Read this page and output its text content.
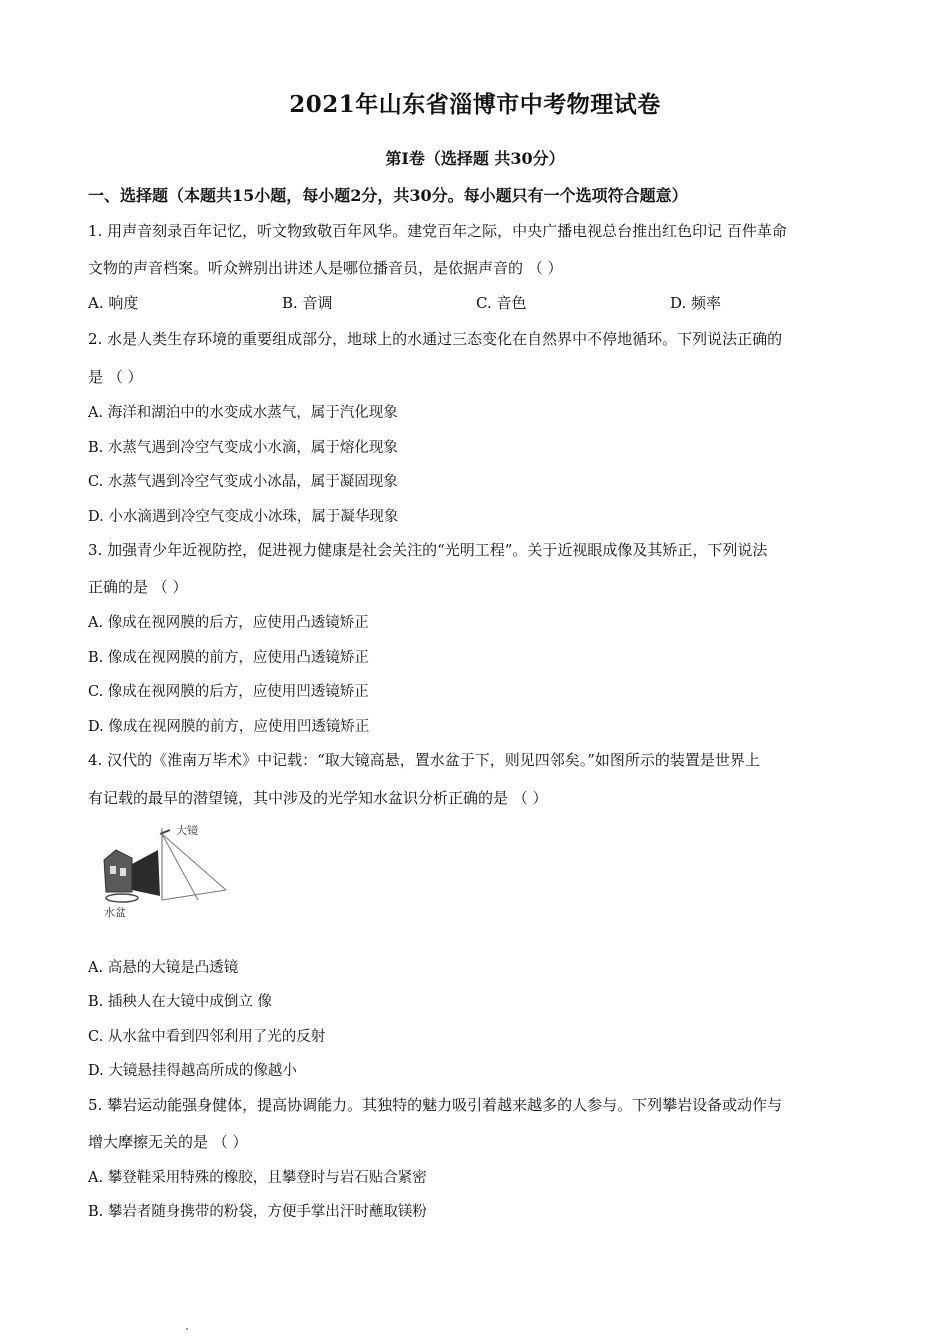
2021年山东省淄博市中考物理试卷
第I卷（选择题 共30分）
一、选择题（本题共15小题，每小题2分，共30分。每小题只有一个选项符合题意）
1. 用声音刻录百年记忆，听文物致敬百年风华。建党百年之际，中央广播电视总台推出红色印记 百件革命
文物的声音档案。听众辨别出讲述人是哪位播音员，是依据声音的 （ ）
A. 响度	B. 音调	C. 音色	D. 频率
2. 水是人类生存环境的重要组成部分，地球上的水通过三态变化在自然界中不停地循环。下列说法正确的
是 （ ）
A. 海洋和湖泊中的水变成水蒸气，属于汽化现象
B. 水蒸气遇到冷空气变成小水滴，属于熔化现象
C. 水蒸气遇到冷空气变成小冰晶，属于凝固现象
D. 小水滴遇到冷空气变成小冰珠，属于凝华现象
3. 加强青少年近视防控，促进视力健康是社会关注的“光明工程”。关于近视眼成像及其矫正，下列说法
正确的是 （ ）
A. 像成在视网膜的后方，应使用凸透镜矫正
B. 像成在视网膜的前方，应使用凸透镜矫正
C. 像成在视网膜的后方，应使用凹透镜矫正
D. 像成在视网膜的前方，应使用凹透镜矫正
4. 汉代的《淮南万毕术》中记载：“取大镜高悬，置水盆于下，则见四邻矣。”如图所示的装置是世界上
有记载的最早的潜望镜，其中涉及的光学知水盆识分析正确的是 （ ）
大镜
水盆
A. 高悬的大镜是凸透镜
B. 插秧人在大镜中成倒立 像
C. 从水盆中看到四邻利用了光的反射
D. 大镜悬挂得越高所成的像越小
5. 攀岩运动能强身健体，提高协调能力。其独特的魅力吸引着越来越多的人参与。下列攀岩设备或动作与
增大摩擦无关的是 （ ）
A. 攀登鞋采用特殊的橡胶，且攀登时与岩石贴合紧密
B. 攀岩者随身携带的粉袋，方便手掌出汗时蘸取镁粉
